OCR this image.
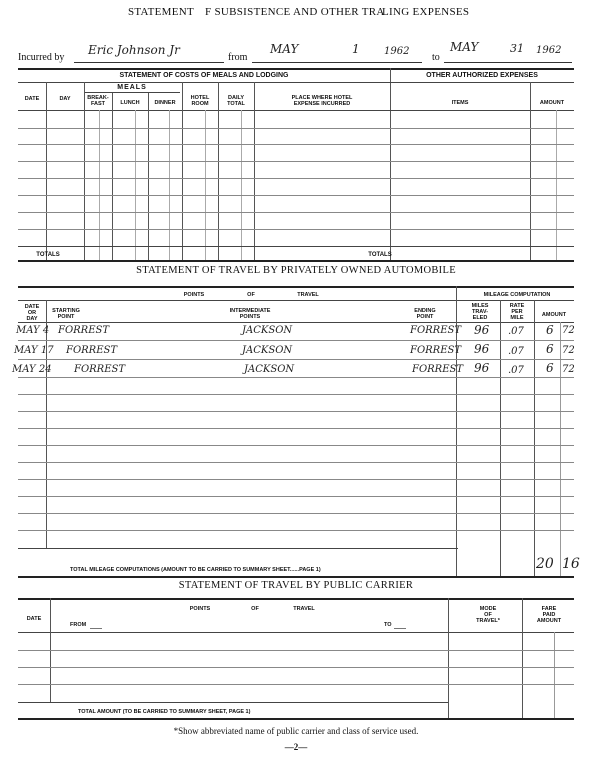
STATEMENT F SUBSISTENCE AND OTHER TRA
LING EXPENSES
Incurred by
Eric Johnson Jr
from
MAY	1 1962
to
MAY	31 1962
STATEMENT OF COSTS OF MEALS AND LODGING	OTHER AUTHORIZED EXPENSES
MEALS
DATE	DAY	BREAK-
FAST	LUNCH	DINNER
HOTEL
ROOM
DAILY
TOTAL
PLACE WHERE HOTEL
EXPENSE INCURRED	ITEMS	AMOUNT
TOTALS	TOTALS
STATEMENT OF TRAVEL BY PRIVATELY OWNED AUTOMOBILE
POINTS	OF	TRAVEL	MILEAGE COMPUTATION
DATE
OR
DAY
STARTING
POINT
INTERMEDIATE
POINTS
ENDING
POINT
MILES
TRAV-
ELED
RATE
PER
MILE	AMOUNT
MAY 4 FORREST	JACKSON	FORREST 96 .07 6 72
MAY 17 FORREST	JACKSON	FORREST 96 .07 6 72
MAY 24 FORREST	JACKSON	FORREST 96 .07 6 72
TOTAL MILEAGE COMPUTATIONS (AMOUNT TO BE CARRIED TO SUMMARY SHEET......PAGE 1)	20 16
STATEMENT OF TRAVEL BY PUBLIC CARRIER
POINTS	OF	TRAVEL
DATE
FROM	TO
MODE
OF
TRAVEL*
FARE
PAID
AMOUNT
TOTAL AMOUNT (TO BE CARRIED TO SUMMARY SHEET, PAGE 1)
*Show abbreviated name of public carrier and class of service used.
—2—
